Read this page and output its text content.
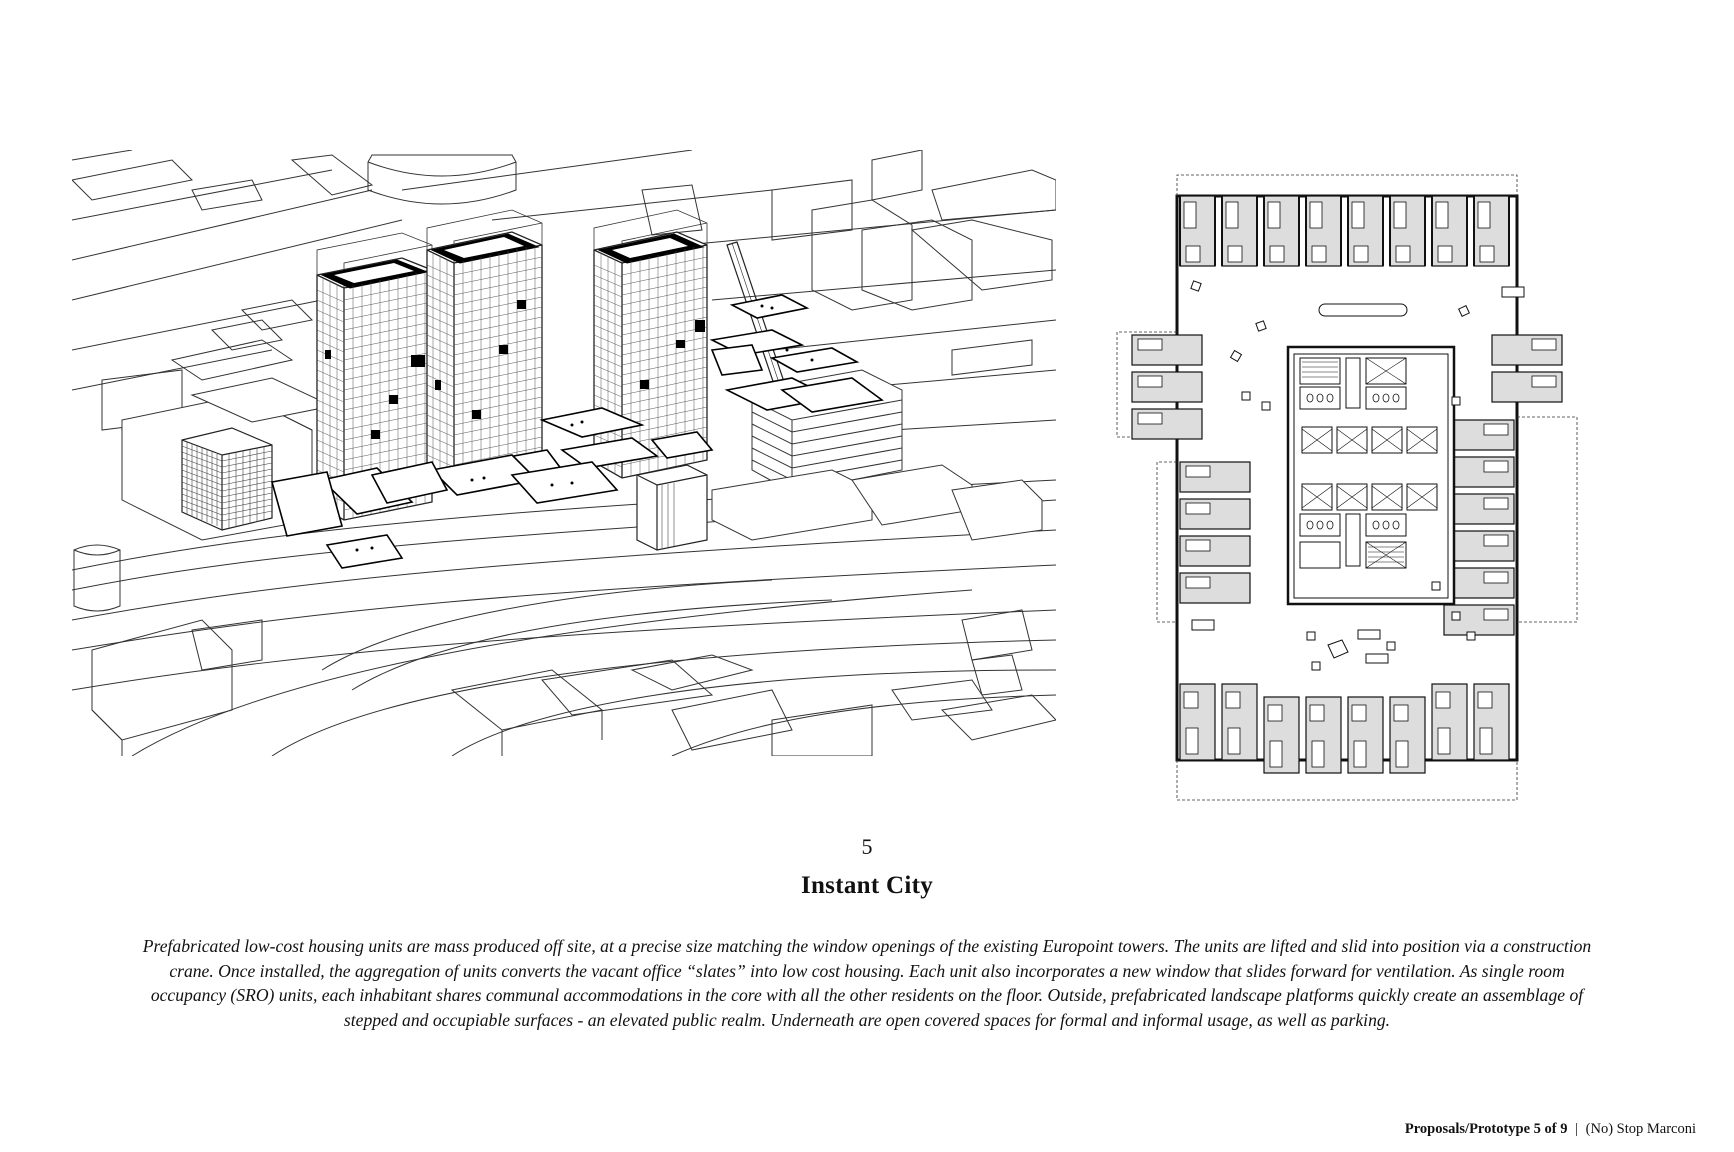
5
Instant City
Prefabricated low-cost housing units are mass produced off site, at a precise size matching the window openings of the existing Europoint towers. The units are lifted and slid into position via a construction crane. Once installed, the aggregation of units converts the vacant office “slates” into low cost housing. Each unit also incorporates a new window that slides forward for ventilation. As single room occupancy (SRO) units, each inhabitant shares communal accommodations in the core with all the other residents on the floor. Outside, prefabricated landscape platforms quickly create an assemblage of stepped and occupiable surfaces - an elevated public realm. Underneath are open covered spaces for formal and informal usage, as well as parking.
Proposals/Prototype 5 of 9 | (No) Stop Marconi
